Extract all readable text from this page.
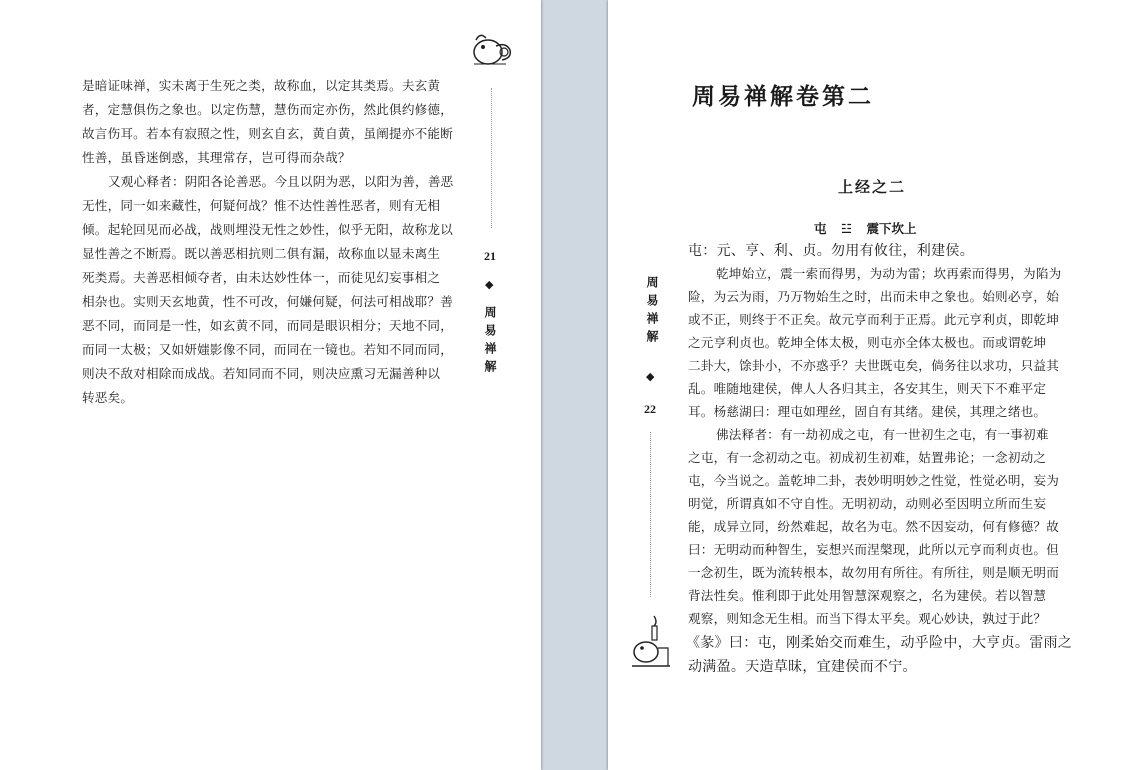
是暗证味禅，实未离于生死之类，故称血，以定其类焉。夫玄黄
者，定慧俱伤之象也。以定伤慧，慧伤而定亦伤，然此俱约修德，
故言伤耳。若本有寂照之性，则玄自玄，黄自黄，虽阐提亦不能断
性善，虽昏迷倒惑，其理常存，岂可得而杂哉？
又观心释者：阴阳各论善恶。今且以阴为恶，以阳为善，善恶
无性，同一如来藏性，何疑何战？惟不达性善性恶者，则有无相
倾。起轮回见而必战，战则埋没无性之妙性，似乎无阳，故称龙以
显性善之不断焉。既以善恶相抗则二俱有漏，故称血以显未离生
死类焉。夫善恶相倾夺者，由未达妙性体一，而徒见幻妄事相之
相杂也。实则天玄地黄，性不可改，何嫌何疑，何法可相战耶？善
恶不同，而同是一性，如玄黄不同，而同是眼识相分；天地不同，
而同一太极；又如妍媸影像不同，而同在一镜也。若知不同而同，
则决不敌对相除而成战。若知同而不同，则决应熏习无漏善种以
转恶矣。
21
◆
周易禅解	周易禅解
◆
22
周易禅解卷第二
上经之二
屯 ☳ 震下坎上
屯：元、亨、利、贞。勿用有攸往，利建侯。
乾坤始立，震一索而得男，为动为雷；坎再索而得男，为陷为
险，为云为雨，乃万物始生之时，出而未申之象也。始则必亨，始
或不正，则终于不正矣。故元亨而利于正焉。此元亨利贞，即乾坤
之元亨利贞也。乾坤全体太极，则屯亦全体太极也。而或谓乾坤
二卦大，馀卦小，不亦惑乎？夫世既屯矣，倘务往以求功，只益其
乱。唯随地建侯，俾人人各归其主，各安其生，则天下不难平定
耳。杨慈湖曰：理屯如理丝，固自有其绪。建侯，其理之绪也。
佛法释者：有一劫初成之屯，有一世初生之屯，有一事初难
之屯，有一念初动之屯。初成初生初难，姑置弗论；一念初动之
屯，今当说之。盖乾坤二卦，表妙明明妙之性觉，性觉必明，妄为
明觉，所谓真如不守自性。无明初动，动则必至因明立所而生妄
能，成异立同，纷然难起，故名为屯。然不因妄动，何有修德？故
曰：无明动而种智生，妄想兴而涅槃现，此所以元亨而利贞也。但
一念初生，既为流转根本，故勿用有所往。有所往，则是顺无明而
背法性矣。惟利即于此处用智慧深观察之，名为建侯。若以智慧
观察，则知念无生相。而当下得太平矣。观心妙诀，孰过于此？
《彖》曰：屯，刚柔始交而难生，动乎险中，大亨贞。雷雨之
动满盈。天造草昧，宜建侯而不宁。
